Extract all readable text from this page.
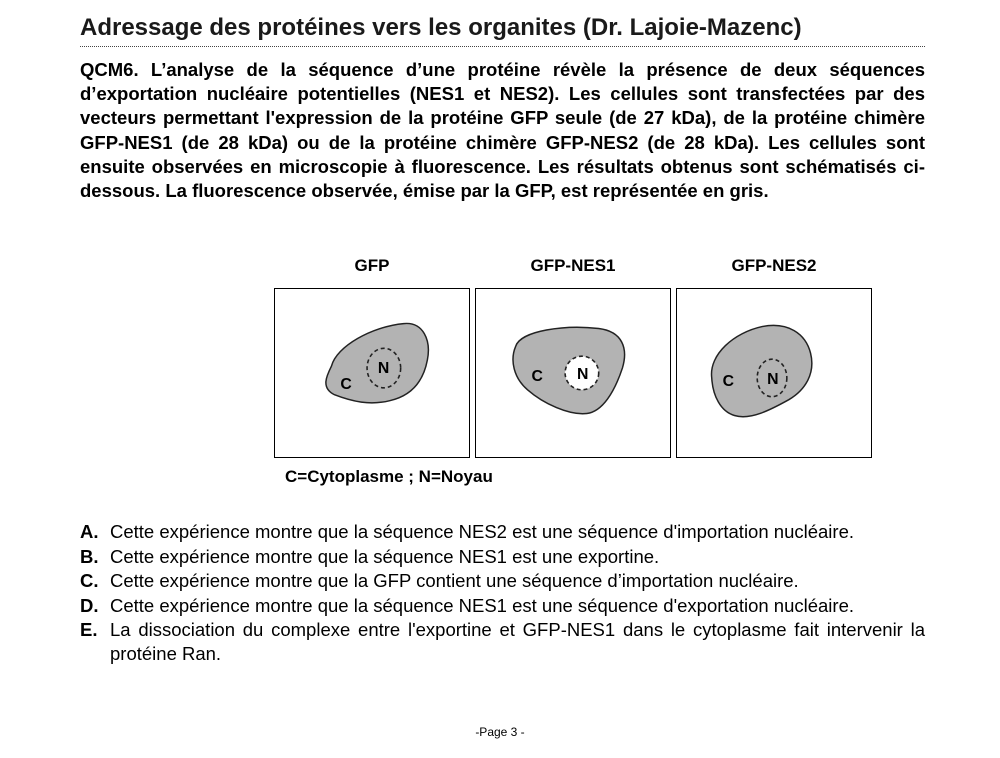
Adressage des protéines vers les organites (Dr. Lajoie-Mazenc)

QCM6. L’analyse de la séquence d’une protéine révèle la présence de deux séquences d’exportation nucléaire potentielles (NES1 et NES2). Les cellules sont transfectées par des vecteurs permettant l'expression de la protéine GFP seule (de 27 kDa), de la protéine chimère GFP-NES1 (de 28 kDa) ou de la protéine chimère GFP-NES2 (de 28 kDa). Les cellules sont ensuite observées en microscopie à fluorescence. Les résultats obtenus sont schématisés ci-dessous. La fluorescence observée, émise par la GFP, est représentée en gris.

GFP	GFP-NES1	GFP-NES2
C
N	C N	C N
C=Cytoplasme ; N=Noyau
A. Cette expérience montre que la séquence NES2 est une séquence d'importation nucléaire.
B. Cette expérience montre que la séquence NES1 est une exportine.
C. Cette expérience montre que la GFP contient une séquence d’importation nucléaire.
D. Cette expérience montre que la séquence NES1 est une séquence d'exportation nucléaire.
E. La dissociation du complexe entre l'exportine et GFP-NES1 dans le cytoplasme fait intervenir la protéine Ran.
-Page 3 -
